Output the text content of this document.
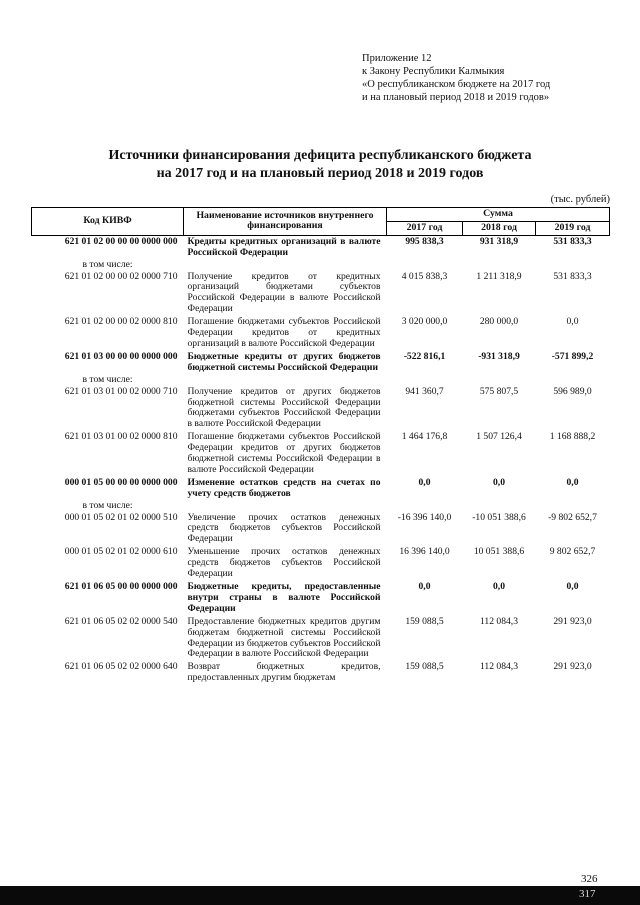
Приложение 12
к Закону Республики Калмыкия
«О республиканском бюджете на 2017 год
и на плановый период 2018 и 2019 годов»
Источники финансирования дефицита республиканского бюджета
на 2017 год и на плановый период 2018 и 2019 годов
(тыс. рублей)
Код КИВФ	Наименование источников внутреннего финансирования	Сумма		
		2017 год	2018 год	2019 год
621 01 02 00 00 00 0000 000	Кредиты кредитных организаций в валюте Российской Федерации	995 838,3	931 318,9	531 833,3
в том числе:				
621 01 02 00 00 02 0000 710	Получение кредитов от кредитных организаций бюджетами субъектов Российской Федерации в валюте Российской Федерации	4 015 838,3	1 211 318,9	531 833,3
621 01 02 00 00 02 0000 810	Погашение бюджетами субъектов Российской Федерации кредитов от кредитных организаций в валюте Российской Федерации	3 020 000,0	280 000,0	0,0
621 01 03 00 00 00 0000 000	Бюджетные кредиты от других бюджетов бюджетной системы Российской Федерации	-522 816,1	-931 318,9	-571 899,2
в том числе:				
621 01 03 01 00 02 0000 710	Получение кредитов от других бюджетов бюджетной системы Российской Федерации бюджетами субъектов Российской Федерации в валюте Российской Федерации	941 360,7	575 807,5	596 989,0
621 01 03 01 00 02 0000 810	Погашение бюджетами субъектов Российской Федерации кредитов от других бюджетов бюджетной системы Российской Федерации в валюте Российской Федерации	1 464 176,8	1 507 126,4	1 168 888,2
000 01 05 00 00 00 0000 000	Изменение остатков средств на счетах по учету средств бюджетов	0,0	0,0	0,0
в том числе:				
000 01 05 02 01 02 0000 510	Увеличение прочих остатков денежных средств бюджетов субъектов Российской Федерации	-16 396 140,0	-10 051 388,6	-9 802 652,7
000 01 05 02 01 02 0000 610	Уменьшение прочих остатков денежных средств бюджетов субъектов Российской Федерации	16 396 140,0	10 051 388,6	9 802 652,7
621 01 06 05 00 00 0000 000	Бюджетные кредиты, предоставленные внутри страны в валюте Российской Федерации	0,0	0,0	0,0
621 01 06 05 02 02 0000 540	Предоставление бюджетных кредитов другим бюджетам бюджетной системы Российской Федерации из бюджетов субъектов Российской Федерации в валюте Российской Федерации	159 088,5	112 084,3	291 923,0
621 01 06 05 02 02 0000 640	Возврат бюджетных кредитов, предоставленных другим бюджетам	159 088,5	112 084,3	291 923,0
326
317
